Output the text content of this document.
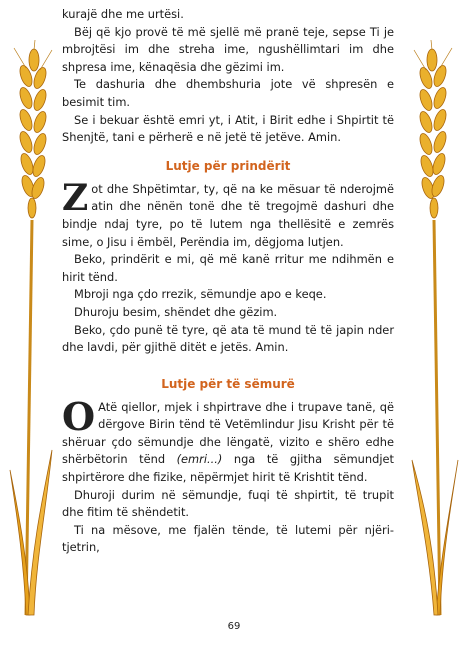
kurajë dhe me urtësi.

Bëj që kjo provë të më sjellë më pranë teje, sepse Ti je mbrojtësi im dhe streha ime, ngushëllimtari im dhe shpresa ime, kënaqësia dhe gëzimi im.

Te dashuria dhe dhembshuria jote vë shpresën e besimit tim.

Se i bekuar është emri yt, i Atit, i Birit edhe i Shpirtit të Shenjtë, tani e përherë e në jetë të jetëve. Amin.

Lutje për prindërit

Zot dhe Shpëtimtar, ty, që na ke mësuar të nderojmë atin dhe nënën tonë dhe të tregojmë dashuri dhe bindje ndaj tyre, po të lutem nga thellësitë e zemrës sime, o Jisu i ëmbël, Perëndia im, dëgjoma lutjen.

Beko, prindërit e mi, që më kanë rritur me ndihmën e hirit tënd.

Mbroji nga çdo rrezik, sëmundje apo e keqe.

Dhuroju besim, shëndet dhe gëzim.

Beko, çdo punë të tyre, që ata të mund të të japin nder dhe lavdi, për gjithë ditët e jetës. Amin.

Lutje për të sëmurë

O Atë qiellor, mjek i shpirtrave dhe i trupave tanë, që dërgove Birin tënd të Vetëmlindur Jisu Krisht për të shëruar çdo sëmundje dhe lëngatë, vizito e shëro edhe shërbëtorin tënd (emri...) nga të gjitha sëmundjet shpirtërore dhe fizike, nëpërmjet hirit të Krishtit tënd.

Dhuroji durim në sëmundje, fuqi të shpirtit, të trupit dhe fitim të shëndetit.

Ti na mësove, me fjalën tënde, të lutemi për njëri-tjetrin,

69
